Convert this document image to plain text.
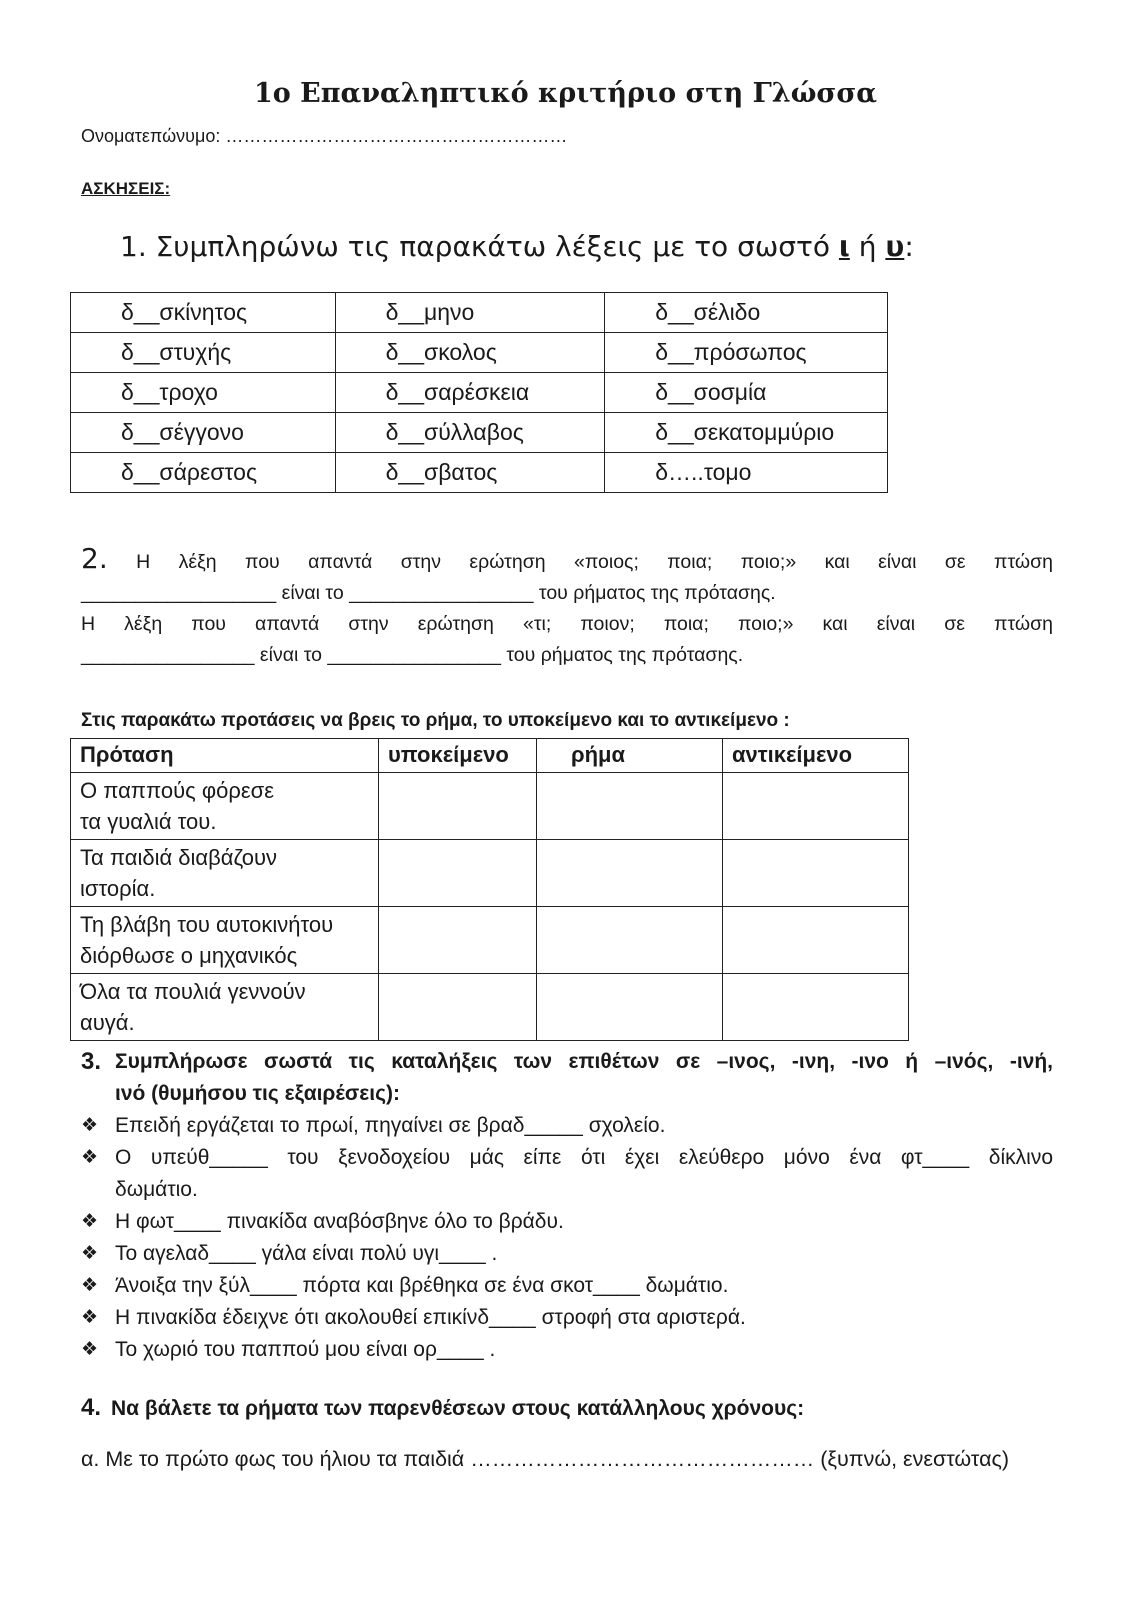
1ο Επαναληπτικό κριτήριο στη Γλώσσα
Ονοματεπώνυμο: …………………………………………………
ΑΣΚΗΣΕΙΣ:
1. Συμπληρώνω τις παρακάτω λέξεις με το σωστό ι ή υ:
δ__σκίνητος	δ__μηνο	δ__σέλιδο
δ__στυχής	δ__σκολος	δ__πρόσωπος
δ__τροχο	δ__σαρέσκεια	δ__σοσμία
δ__σέγγονο	δ__σύλλαβος	δ__σεκατομμύριο
δ__σάρεστος	δ__σβατος	δ…..τομο
2. Η λέξη που απαντά στην ερώτηση «ποιος; ποια; ποιο;» και είναι σε πτώση
__________________ είναι το _________________ του ρήματος της πρότασης.
Η λέξη που απαντά στην ερώτηση «τι; ποιον; ποια; ποιο;» και είναι σε πτώση
________________ είναι το ________________ του ρήματος της πρότασης.
Στις παρακάτω προτάσεις να βρεις το ρήμα, το υποκείμενο και το αντικείμενο :
Πρόταση	υποκείμενο	ρήμα	αντικείμενο

Ο παππούς φόρεσε
τα γυαλιά του.			

Τα παιδιά διαβάζουν
ιστορία.			

Τη βλάβη του αυτοκινήτου
διόρθωσε ο μηχανικός			

Όλα τα πουλιά γεννούν
αυγά.			

3. Συμπλήρωσε σωστά τις καταλήξεις των επιθέτων σε –ινος, -ινη, -ινο ή –ινός, -ινή,
ινό (θυμήσου τις εξαιρέσεις):
❖ Επειδή εργάζεται το πρωί, πηγαίνει σε βραδ_____ σχολείο.
❖ Ο υπεύθ_____ του ξενοδοχείου μάς είπε ότι έχει ελεύθερο μόνο ένα φτ____ δίκλινο
δωμάτιο.
❖ Η φωτ____ πινακίδα αναβόσβηνε όλο το βράδυ.
❖ Το αγελαδ____ γάλα είναι πολύ υγι____ .
❖ Άνοιξα την ξύλ____ πόρτα και βρέθηκα σε ένα σκοτ____ δωμάτιο.
❖ Η πινακίδα έδειχνε ότι ακολουθεί επικίνδ____ στροφή στα αριστερά.
❖ Το χωριό του παππού μου είναι ορ____ .
4. Να βάλετε τα ρήματα των παρενθέσεων στους κατάλληλους χρόνους:
α. Με το πρώτο φως του ήλιου τα παιδιά ………………………………………… (ξυπνώ, ενεστώτας)
